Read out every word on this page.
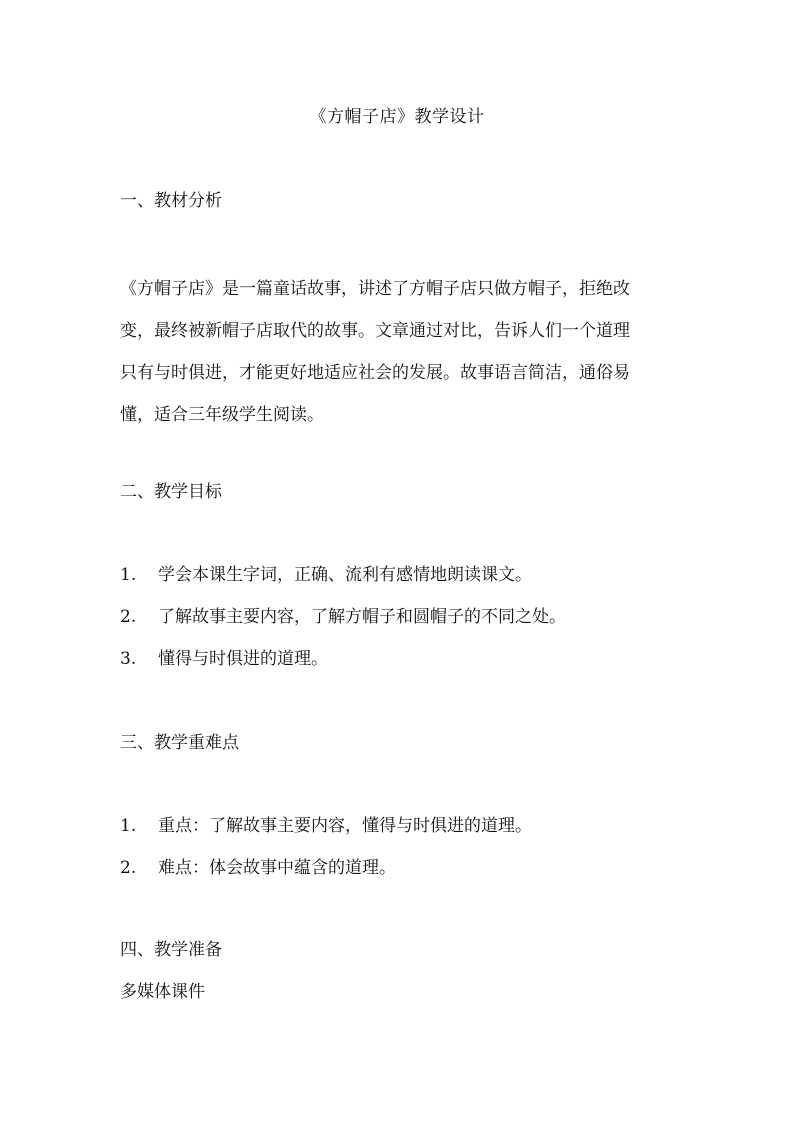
《方帽子店》教学设计
一、教材分析
《方帽子店》是一篇童话故事，讲述了方帽子店只做方帽子，拒绝改
变，最终被新帽子店取代的故事。文章通过对比，告诉人们一个道理
只有与时俱进，才能更好地适应社会的发展。故事语言简洁，通俗易
懂，适合三年级学生阅读。
二、教学目标
1. 学会本课生字词，正确、流利有感情地朗读课文。
2. 了解故事主要内容，了解方帽子和圆帽子的不同之处。
3. 懂得与时俱进的道理。
三、教学重难点
1. 重点：了解故事主要内容，懂得与时俱进的道理。
2. 难点：体会故事中蕴含的道理。
四、教学准备
多媒体课件
